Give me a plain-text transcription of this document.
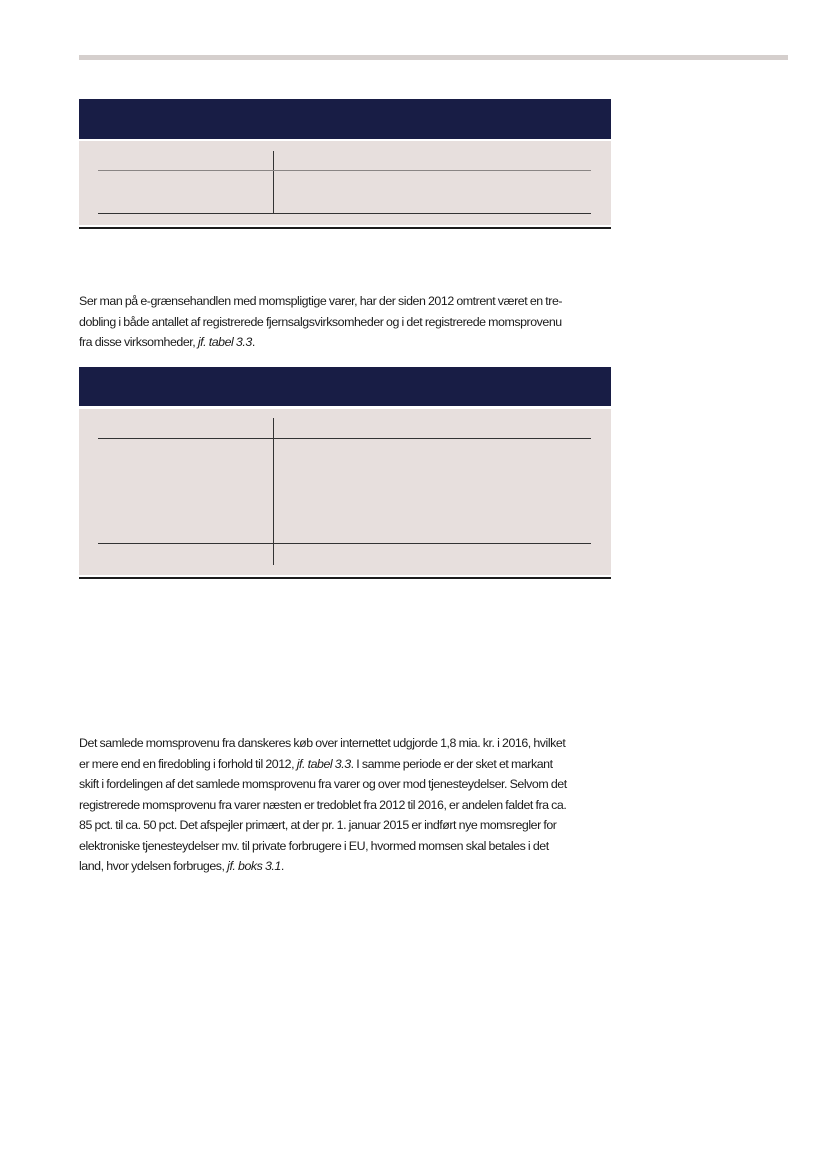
Ser man på e-grænsehandlen med momspligtige varer, har der siden 2012 omtrent været en tre-
dobling i både antallet af registrerede fjernsalgsvirksomheder og i det registrerede momsprovenu
fra disse virksomheder, jf. tabel 3.3.

Det samlede momsprovenu fra danskeres køb over internettet udgjorde 1,8 mia. kr. i 2016, hvilket
er mere end en firedobling i forhold til 2012, jf. tabel 3.3. I samme periode er der sket et markant
skift i fordelingen af det samlede momsprovenu fra varer og over mod tjenesteydelser. Selvom det
registrerede momsprovenu fra varer næsten er tredoblet fra 2012 til 2016, er andelen faldet fra ca.
85 pct. til ca. 50 pct. Det afspejler primært, at der pr. 1. januar 2015 er indført nye momsregler for
elektroniske tjenesteydelser mv. til private forbrugere i EU, hvormed momsen skal betales i det
land, hvor ydelsen forbruges, jf. boks 3.1.
